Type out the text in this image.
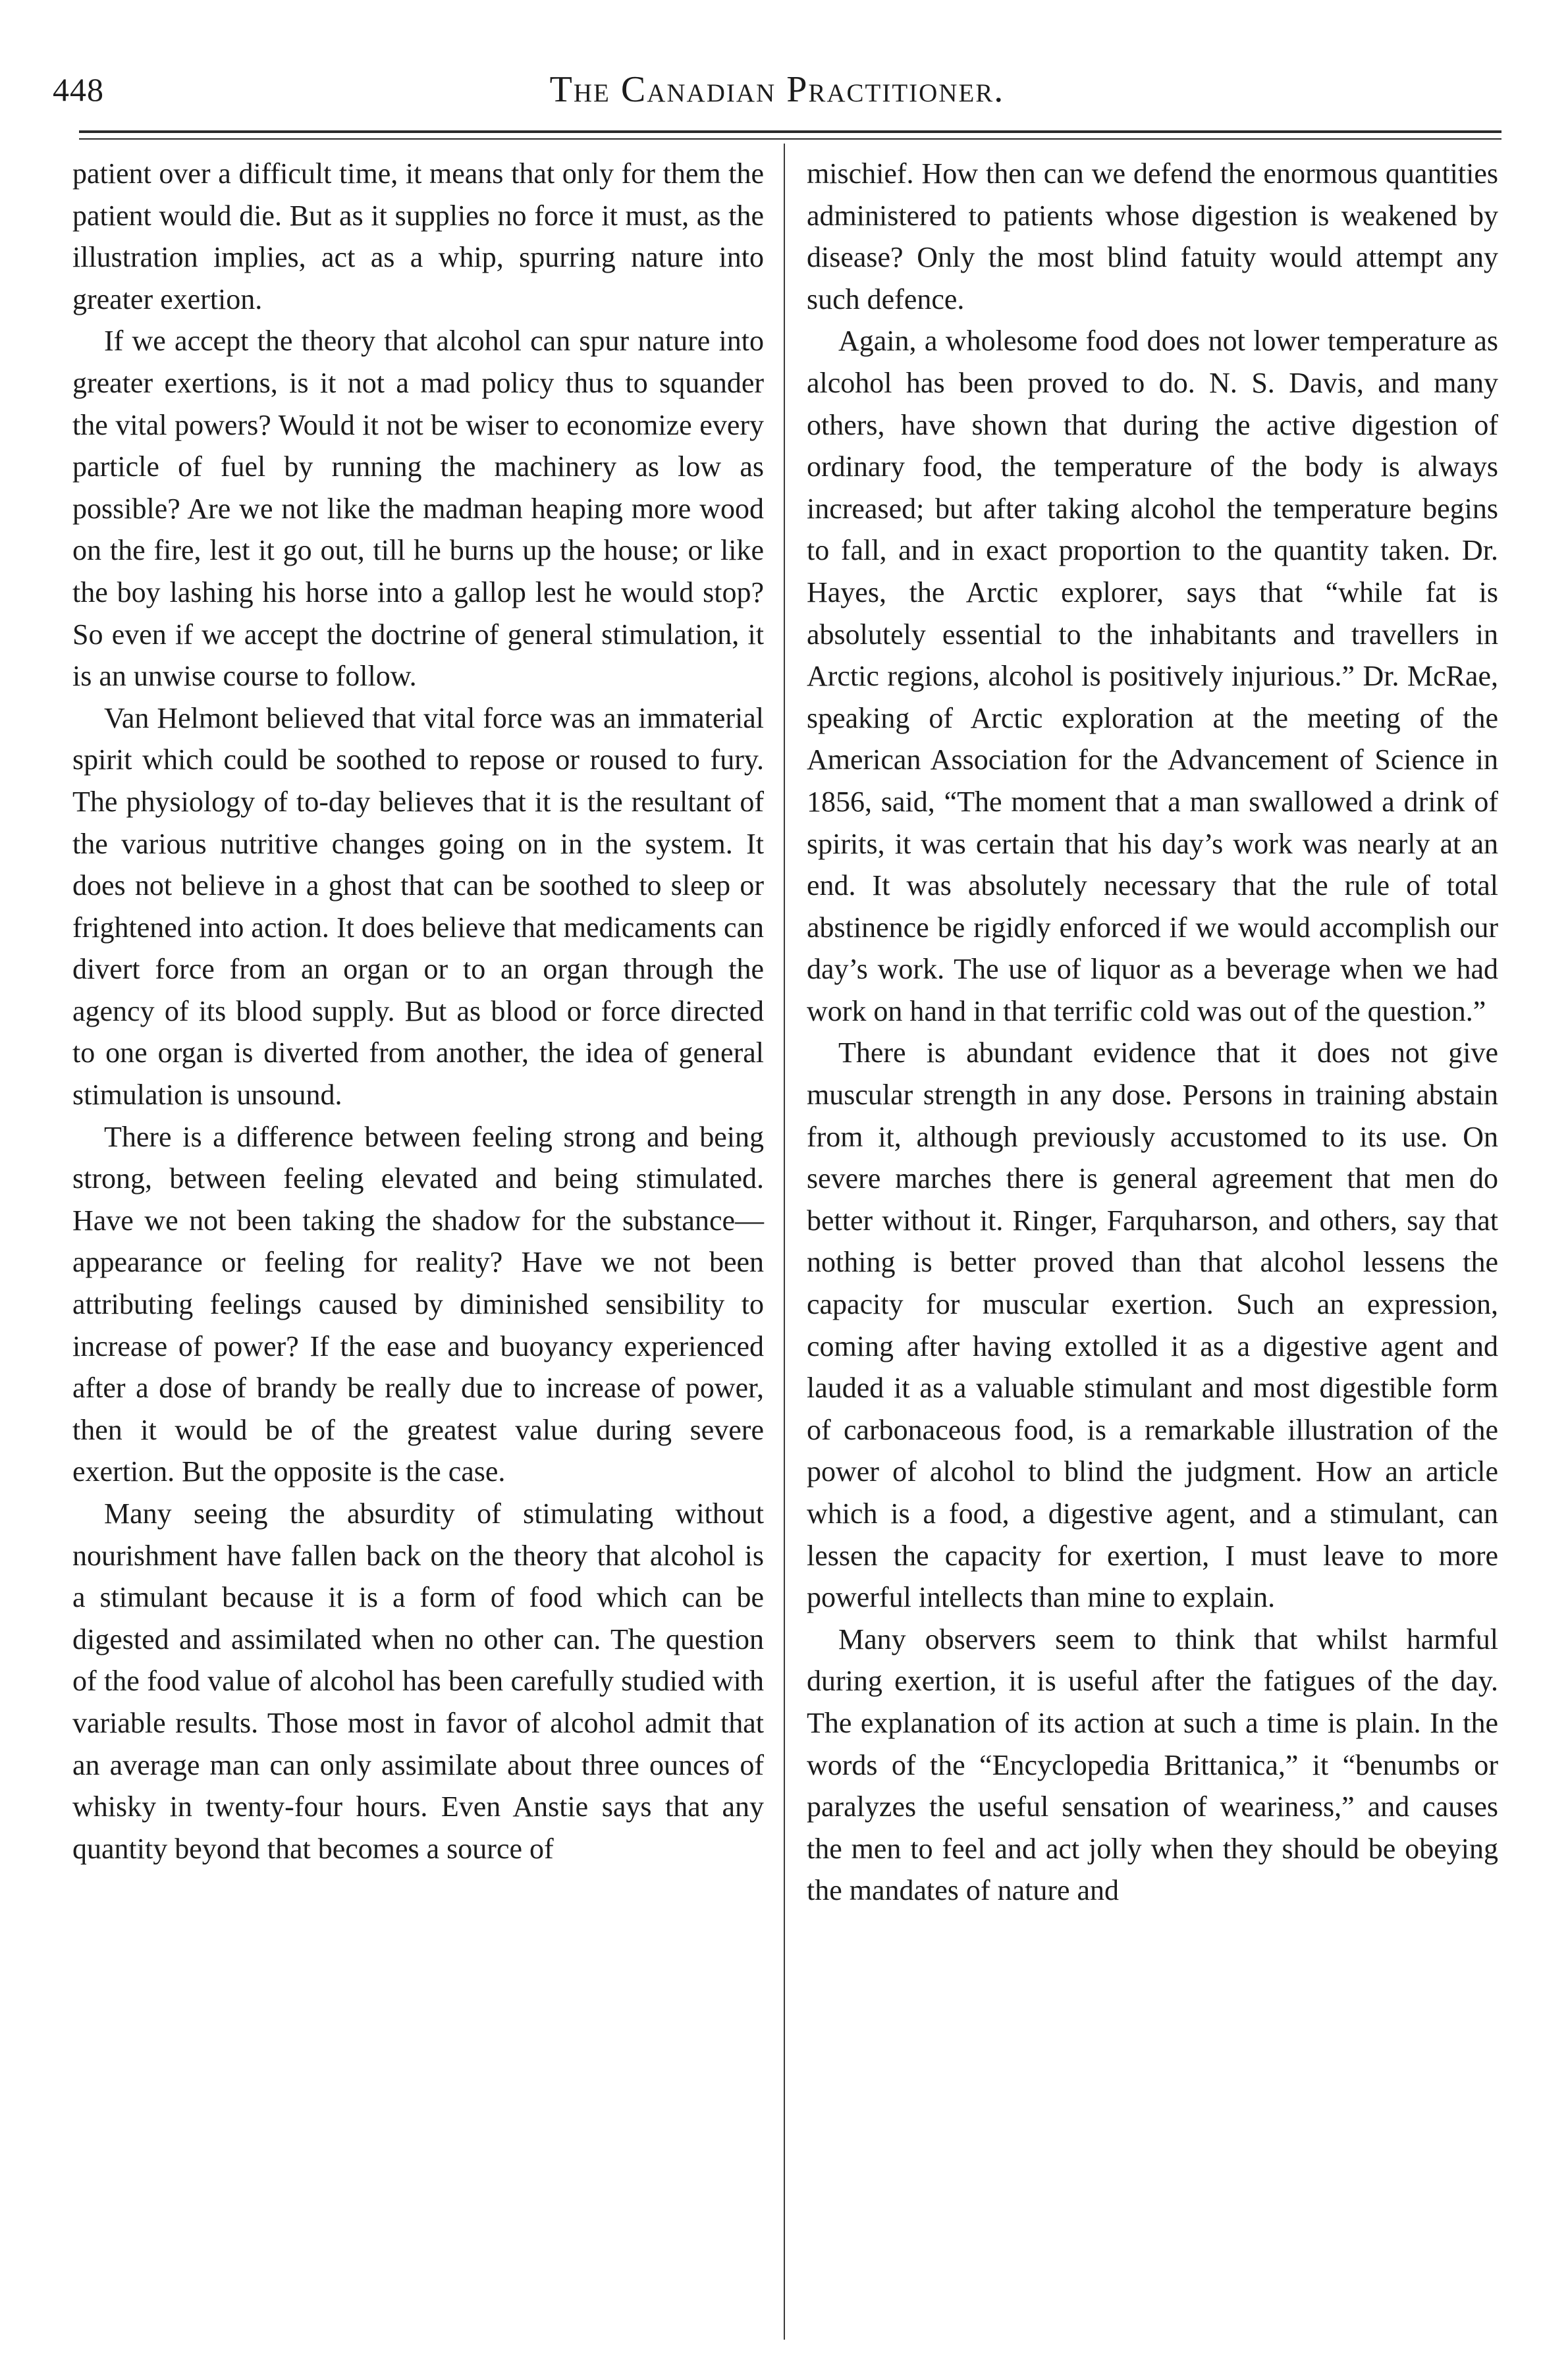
448	The Canadian Practitioner.

patient over a difficult time, it means that only for them the patient would die. But as it supplies no force it must, as the illustration implies, act as a whip, spurring nature into greater exertion.

If we accept the theory that alcohol can spur nature into greater exertions, is it not a mad policy thus to squander the vital powers? Would it not be wiser to economize every particle of fuel by running the machinery as low as possible? Are we not like the madman heaping more wood on the fire, lest it go out, till he burns up the house; or like the boy lashing his horse into a gallop lest he would stop? So even if we accept the doctrine of general stimulation, it is an unwise course to follow.

Van Helmont believed that vital force was an immaterial spirit which could be soothed to repose or roused to fury. The physiology of to-day believes that it is the resultant of the various nutritive changes going on in the system. It does not believe in a ghost that can be soothed to sleep or frightened into action. It does believe that medicaments can divert force from an organ or to an organ through the agency of its blood supply. But as blood or force directed to one organ is diverted from another, the idea of general stimulation is unsound.

There is a difference between feeling strong and being strong, between feeling elevated and being stimulated. Have we not been taking the shadow for the substance—appearance or feeling for reality? Have we not been attributing feelings caused by diminished sensibility to increase of power? If the ease and buoyancy experienced after a dose of brandy be really due to increase of power, then it would be of the greatest value during severe exertion. But the opposite is the case.

Many seeing the absurdity of stimulating without nourishment have fallen back on the theory that alcohol is a stimulant because it is a form of food which can be digested and assimilated when no other can. The question of the food value of alcohol has been carefully studied with variable results. Those most in favor of alcohol admit that an average man can only assimilate about three ounces of whisky in twenty-four hours. Even Anstie says that any quantity beyond that becomes a source of

mischief. How then can we defend the enormous quantities administered to patients whose digestion is weakened by disease? Only the most blind fatuity would attempt any such defence.

Again, a wholesome food does not lower temperature as alcohol has been proved to do. N. S. Davis, and many others, have shown that during the active digestion of ordinary food, the temperature of the body is always increased; but after taking alcohol the temperature begins to fall, and in exact proportion to the quantity taken. Dr. Hayes, the Arctic explorer, says that “while fat is absolutely essential to the inhabitants and travellers in Arctic regions, alcohol is positively injurious.” Dr. McRae, speaking of Arctic exploration at the meeting of the American Association for the Advancement of Science in 1856, said, “The moment that a man swallowed a drink of spirits, it was certain that his day’s work was nearly at an end. It was absolutely necessary that the rule of total abstinence be rigidly enforced if we would accomplish our day’s work. The use of liquor as a beverage when we had work on hand in that terrific cold was out of the question.”

There is abundant evidence that it does not give muscular strength in any dose. Persons in training abstain from it, although previously accustomed to its use. On severe marches there is general agreement that men do better without it. Ringer, Farquharson, and others, say that nothing is better proved than that alcohol lessens the capacity for muscular exertion. Such an expression, coming after having extolled it as a digestive agent and lauded it as a valuable stimulant and most digestible form of carbonaceous food, is a remarkable illustration of the power of alcohol to blind the judgment. How an article which is a food, a digestive agent, and a stimulant, can lessen the capacity for exertion, I must leave to more powerful intellects than mine to explain.

Many observers seem to think that whilst harmful during exertion, it is useful after the fatigues of the day. The explanation of its action at such a time is plain. In the words of the “Encyclopedia Brittanica,” it “benumbs or paralyzes the useful sensation of weariness,” and causes the men to feel and act jolly when they should be obeying the mandates of nature and
